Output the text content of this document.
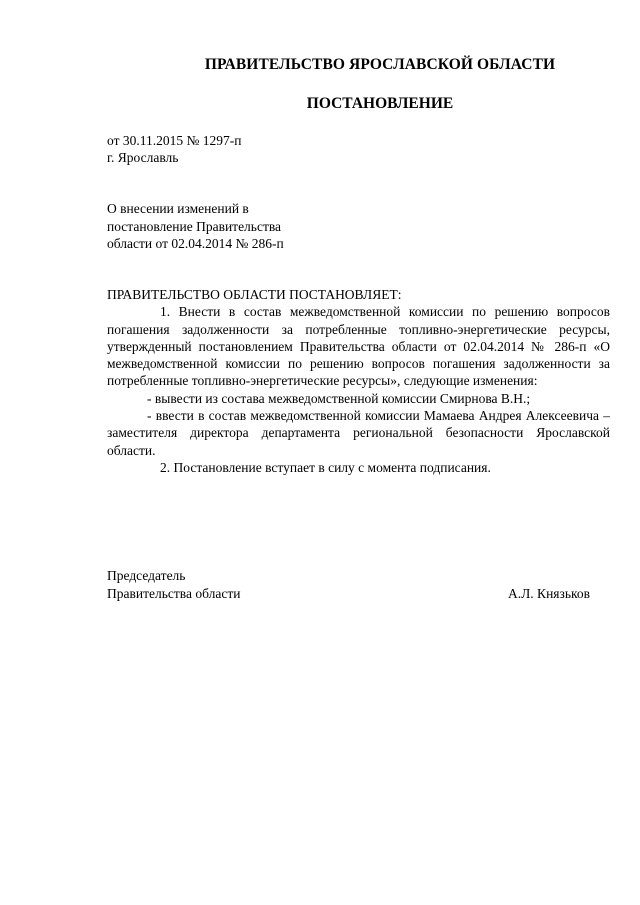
ПРАВИТЕЛЬСТВО ЯРОСЛАВСКОЙ ОБЛАСТИ
ПОСТАНОВЛЕНИЕ
от 30.11.2015 № 1297-п
г. Ярославль
О внесении изменений в
постановление Правительства
области от 02.04.2014 № 286-п

ПРАВИТЕЛЬСТВО ОБЛАСТИ ПОСТАНОВЛЯЕТ:

1. Внести в состав межведомственной комиссии по решению вопросов погашения задолженности за потребленные топливно-энергетические ресурсы, утвержденный постановлением Правительства области от 02.04.2014 № 286-п «О межведомственной комиссии по решению вопросов погашения задолженности за потребленные топливно-энергетические ресурсы», следующие изменения:

- вывести из состава межведомственной комиссии Смирнова В.Н.;

- ввести в состав межведомственной комиссии Мамаева Андрея Алексеевича – заместителя директора департамента региональной безопасности Ярославской области.

2. Постановление вступает в силу с момента подписания.

Председатель
Правительства области	А.Л. Князьков
